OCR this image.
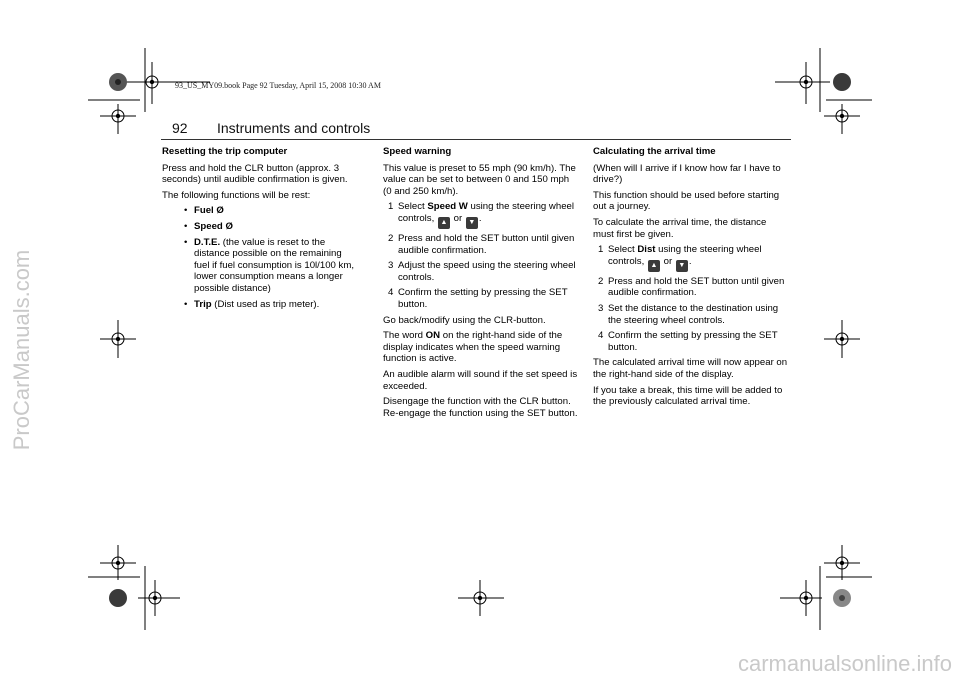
ProCarManuals.com
carmanualsonline.info
93_US_MY09.book Page 92 Tuesday, April 15, 2008 10:30 AM
92 Instruments and controls

Resetting the trip computer

Press and hold the CLR button (approx. 3 seconds) until audible confirmation is given.

The following functions will be rest:

• Fuel Ø
• Speed Ø
• D.T.E. (the value is reset to the distance possible on the remaining fuel if fuel consumption is 10l/100 km, lower consumption means a longer possible distance)
• Trip (Dist used as trip meter).

Speed warning

This value is preset to 55 mph (90 km/h). The value can be set to between 0 and 150 mph (0 and 250 km/h).

1 Select Speed W using the steering wheel controls, ▲ or ▼ .
2 Press and hold the SET button until given audible confirmation.
3 Adjust the speed using the steering wheel controls.
4 Confirm the setting by pressing the SET button.

Go back/modify using the CLR-button.

The word ON on the right-hand side of the display indicates when the speed warning function is active.

An audible alarm will sound if the set speed is exceeded.

Disengage the function with the CLR button. Re-engage the function using the SET button.

Calculating the arrival time

(When will I arrive if I know how far I have to drive?)

This function should be used before starting out a journey.

To calculate the arrival time, the distance must first be given.

1 Select Dist using the steering wheel controls, ▲ or ▼ .
2 Press and hold the SET button until given audible confirmation.
3 Set the distance to the destination using the steering wheel controls.
4 Confirm the setting by pressing the SET button.

The calculated arrival time will now appear on the right-hand side of the display.

If you take a break, this time will be added to the previously calculated arrival time.
